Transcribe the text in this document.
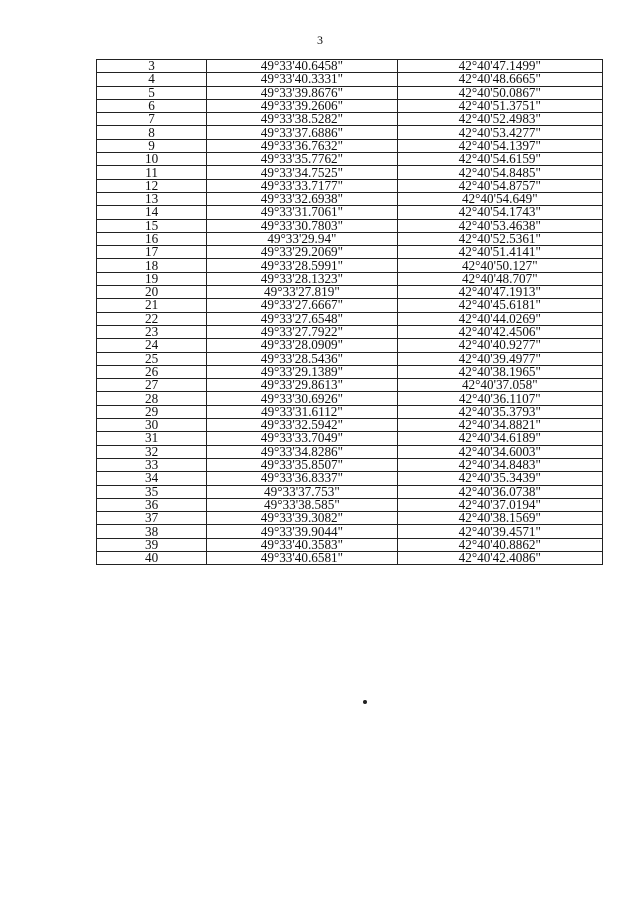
3
3	49°33'40.6458"	42°40'47.1499"
4	49°33'40.3331"	42°40'48.6665"
5	49°33'39.8676"	42°40'50.0867"
6	49°33'39.2606"	42°40'51.3751"
7	49°33'38.5282"	42°40'52.4983"
8	49°33'37.6886"	42°40'53.4277"
9	49°33'36.7632"	42°40'54.1397"
10	49°33'35.7762"	42°40'54.6159"
11	49°33'34.7525"	42°40'54.8485"
12	49°33'33.7177"	42°40'54.8757"
13	49°33'32.6938"	42°40'54.649"
14	49°33'31.7061"	42°40'54.1743"
15	49°33'30.7803"	42°40'53.4638"
16	49°33'29.94"	42°40'52.5361"
17	49°33'29.2069"	42°40'51.4141"
18	49°33'28.5991"	42°40'50.127"
19	49°33'28.1323"	42°40'48.707"
20	49°33'27.819"	42°40'47.1913"
21	49°33'27.6667"	42°40'45.6181"
22	49°33'27.6548"	42°40'44.0269"
23	49°33'27.7922"	42°40'42.4506"
24	49°33'28.0909"	42°40'40.9277"
25	49°33'28.5436"	42°40'39.4977"
26	49°33'29.1389"	42°40'38.1965"
27	49°33'29.8613"	42°40'37.058"
28	49°33'30.6926"	42°40'36.1107"
29	49°33'31.6112"	42°40'35.3793"
30	49°33'32.5942"	42°40'34.8821"
31	49°33'33.7049"	42°40'34.6189"
32	49°33'34.8286"	42°40'34.6003"
33	49°33'35.8507"	42°40'34.8483"
34	49°33'36.8337"	42°40'35.3439"
35	49°33'37.753"	42°40'36.0738"
36	49°33'38.585"	42°40'37.0194"
37	49°33'39.3082"	42°40'38.1569"
38	49°33'39.9044"	42°40'39.4571"
39	49°33'40.3583"	42°40'40.8862"
40	49°33'40.6581"	42°40'42.4086"
